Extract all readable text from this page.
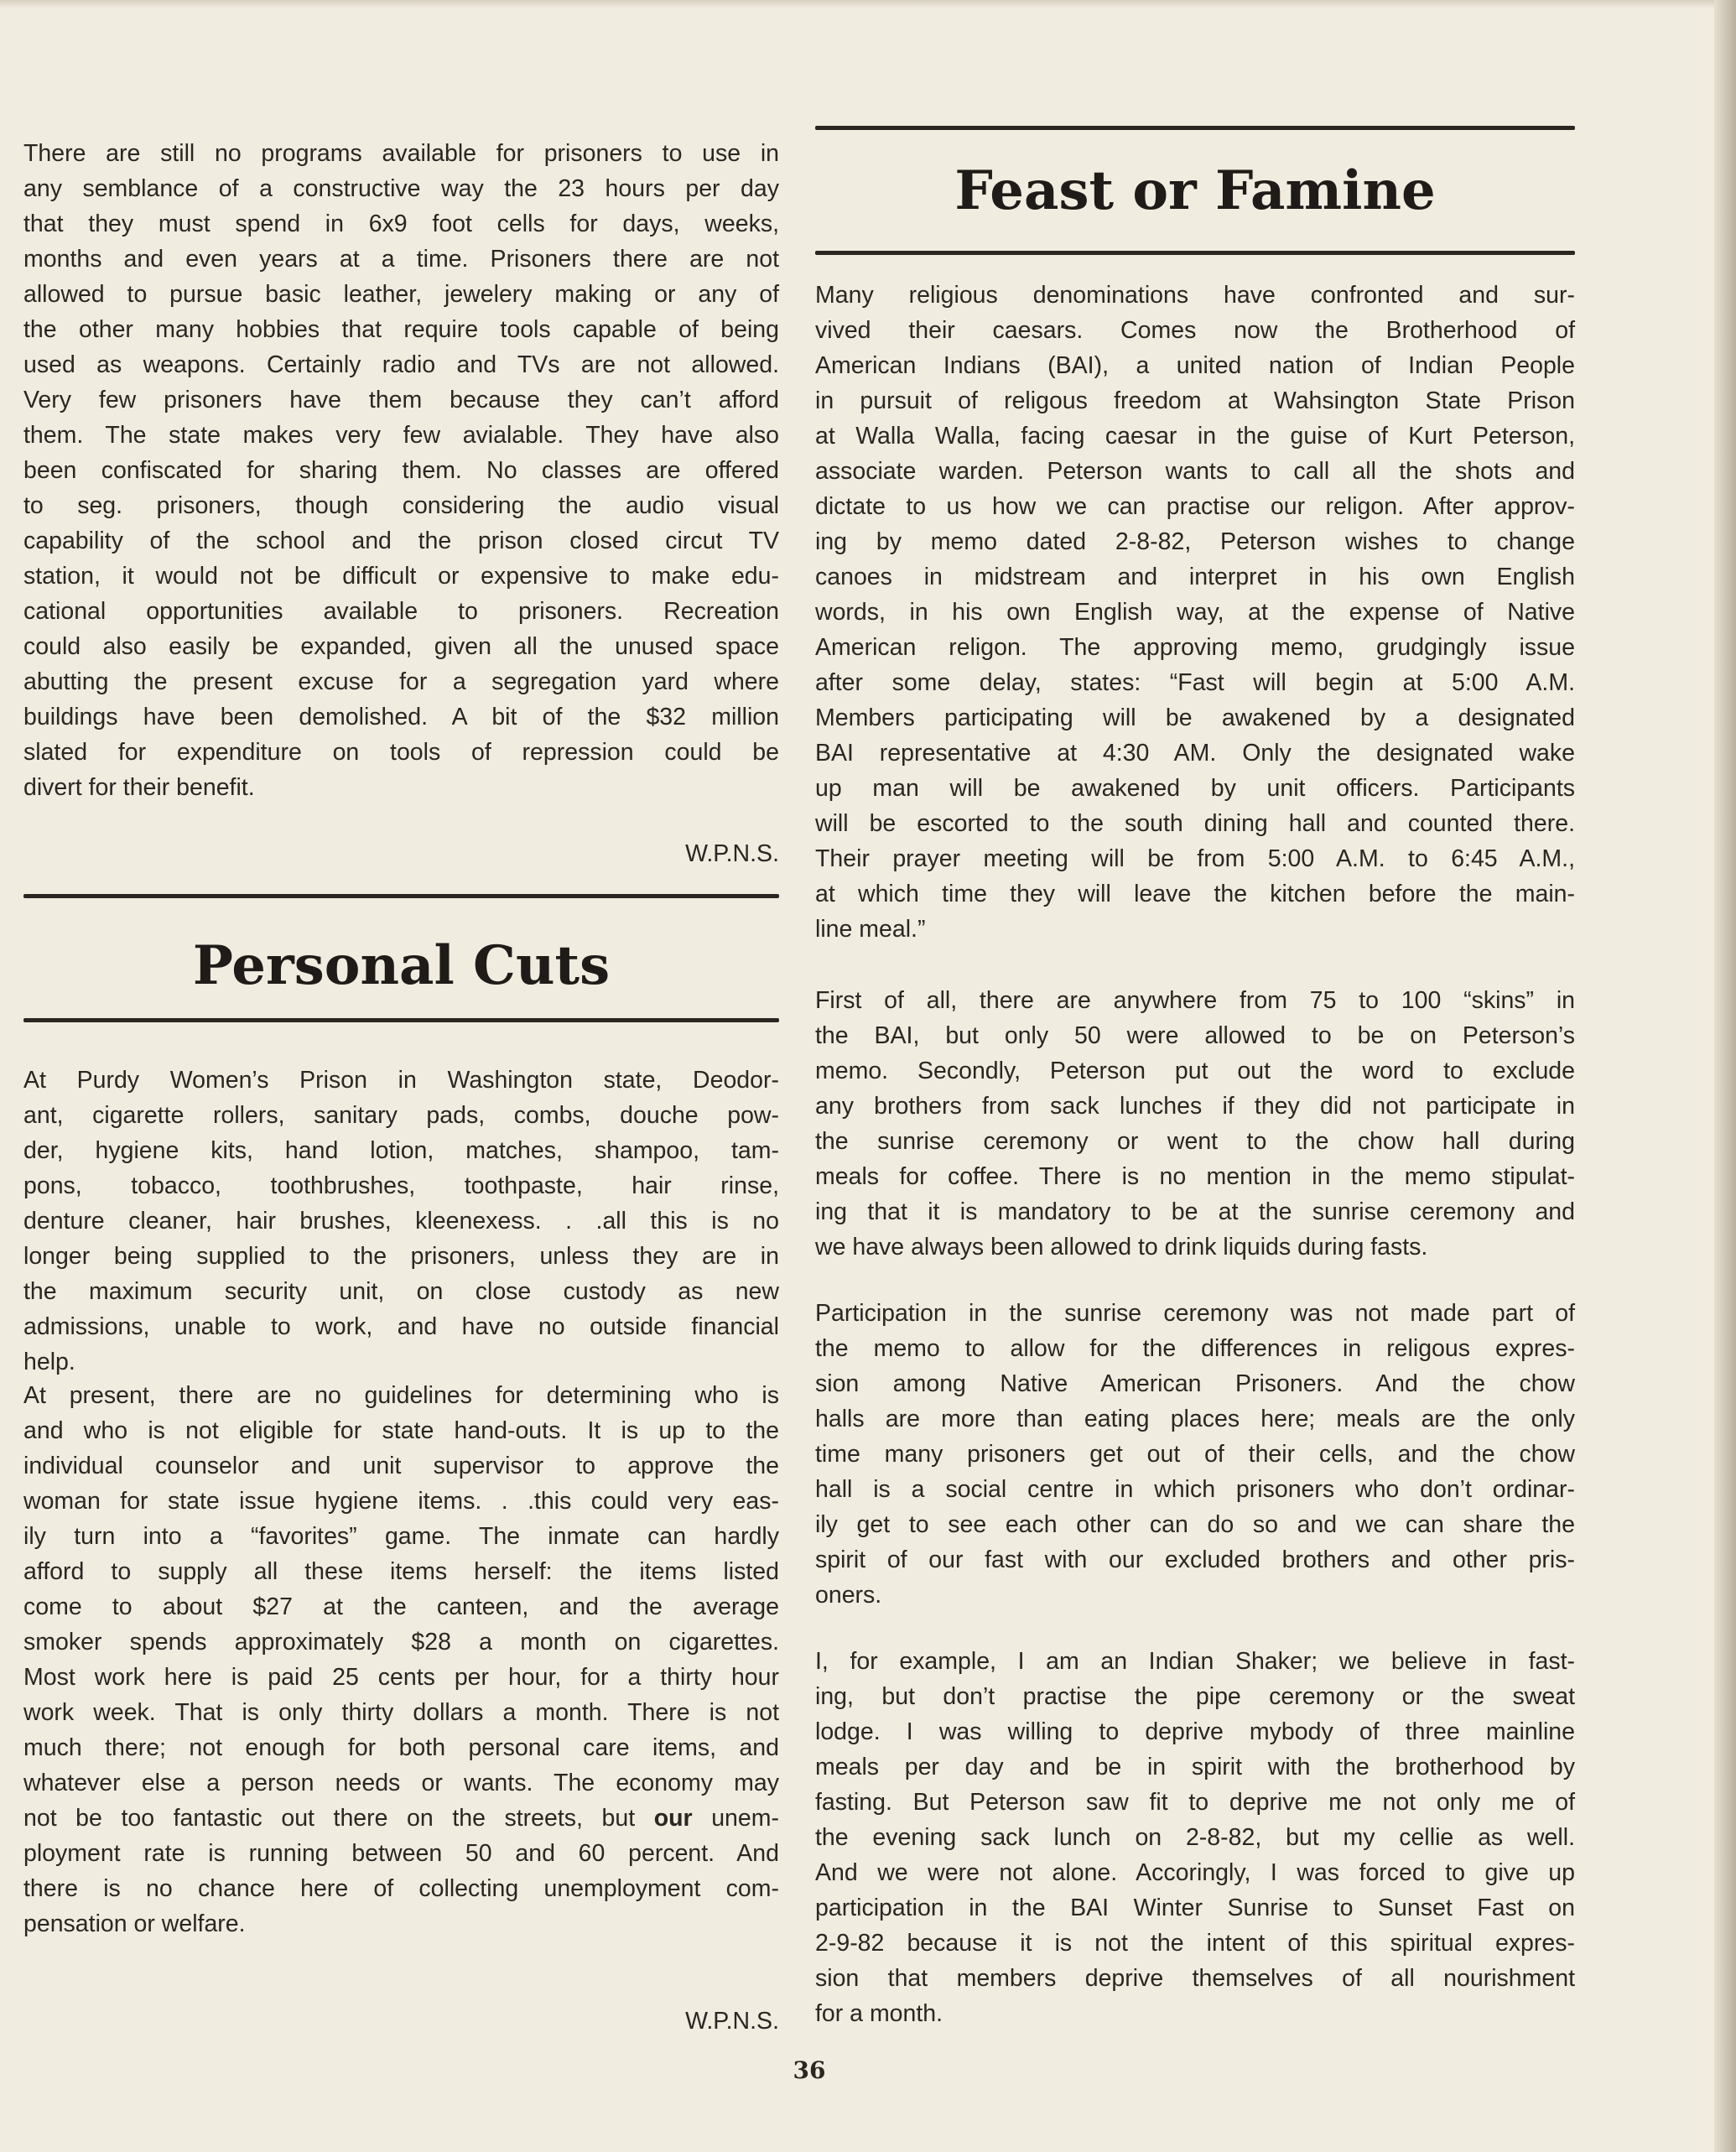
There are still no programs available for prisoners to use in
any semblance of a constructive way the 23 hours per day
that they must spend in 6x9 foot cells for days, weeks,
months and even years at a time. Prisoners there are not
allowed to pursue basic leather, jewelery making or any of
the other many hobbies that require tools capable of being
used as weapons. Certainly radio and TVs are not allowed.
Very few prisoners have them because they can’t afford
them. The state makes very few avialable. They have also
been confiscated for sharing them. No classes are offered
to seg. prisoners, though considering the audio visual
capability of the school and the prison closed circut TV
station, it would not be difficult or expensive to make edu-
cational opportunities available to prisoners. Recreation
could also easily be expanded, given all the unused space
abutting the present excuse for a segregation yard where
buildings have been demolished. A bit of the $32 million
slated for expenditure on tools of repression could be
divert for their benefit.
W.P.N.S.
Personal Cuts
At Purdy Women’s Prison in Washington state, Deodor-
ant, cigarette rollers, sanitary pads, combs, douche pow-
der, hygiene kits, hand lotion, matches, shampoo, tam-
pons, tobacco, toothbrushes, toothpaste, hair rinse,
denture cleaner, hair brushes, kleenexess. . .all this is no
longer being supplied to the prisoners, unless they are in
the maximum security unit, on close custody as new
admissions, unable to work, and have no outside financial
help.
At present, there are no guidelines for determining who is
and who is not eligible for state hand-outs. It is up to the
individual counselor and unit supervisor to approve the
woman for state issue hygiene items. . .this could very eas-
ily turn into a “favorites” game. The inmate can hardly
afford to supply all these items herself: the items listed
come to about $27 at the canteen, and the average
smoker spends approximately $28 a month on cigarettes.
Most work here is paid 25 cents per hour, for a thirty hour
work week. That is only thirty dollars a month. There is not
much there; not enough for both personal care items, and
whatever else a person needs or wants. The economy may
not be too fantastic out there on the streets, but our unem-
ployment rate is running between 50 and 60 percent. And
there is no chance here of collecting unemployment com-
pensation or welfare.
W.P.N.S.
Feast or Famine
Many religious denominations have confronted and sur-
vived their caesars. Comes now the Brotherhood of
American Indians (BAI), a united nation of Indian People
in pursuit of religous freedom at Wahsington State Prison
at Walla Walla, facing caesar in the guise of Kurt Peterson,
associate warden. Peterson wants to call all the shots and
dictate to us how we can practise our religon. After approv-
ing by memo dated 2-8-82, Peterson wishes to change
canoes in midstream and interpret in his own English
words, in his own English way, at the expense of Native
American religon. The approving memo, grudgingly issue
after some delay, states: “Fast will begin at 5:00 A.M.
Members participating will be awakened by a designated
BAI representative at 4:30 AM. Only the designated wake
up man will be awakened by unit officers. Participants
will be escorted to the south dining hall and counted there.
Their prayer meeting will be from 5:00 A.M. to 6:45 A.M.,
at which time they will leave the kitchen before the main-
line meal.”
First of all, there are anywhere from 75 to 100 “skins” in
the BAI, but only 50 were allowed to be on Peterson’s
memo. Secondly, Peterson put out the word to exclude
any brothers from sack lunches if they did not participate in
the sunrise ceremony or went to the chow hall during
meals for coffee. There is no mention in the memo stipulat-
ing that it is mandatory to be at the sunrise ceremony and
we have always been allowed to drink liquids during fasts.
Participation in the sunrise ceremony was not made part of
the memo to allow for the differences in religous expres-
sion among Native American Prisoners. And the chow
halls are more than eating places here; meals are the only
time many prisoners get out of their cells, and the chow
hall is a social centre in which prisoners who don’t ordinar-
ily get to see each other can do so and we can share the
spirit of our fast with our excluded brothers and other pris-
oners.
I, for example, I am an Indian Shaker; we believe in fast-
ing, but don’t practise the pipe ceremony or the sweat
lodge. I was willing to deprive mybody of three mainline
meals per day and be in spirit with the brotherhood by
fasting. But Peterson saw fit to deprive me not only me of
the evening sack lunch on 2-8-82, but my cellie as well.
And we were not alone. Accoringly, I was forced to give up
participation in the BAI Winter Sunrise to Sunset Fast on
2-9-82 because it is not the intent of this spiritual expres-
sion that members deprive themselves of all nourishment
for a month.
36
